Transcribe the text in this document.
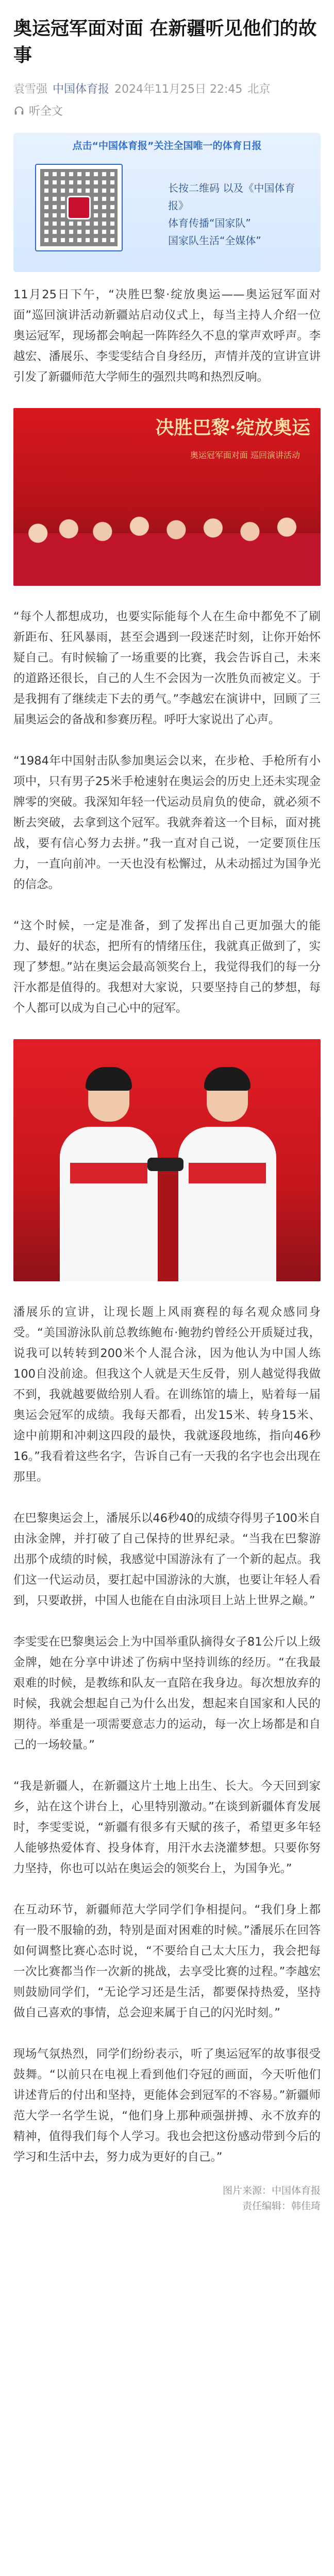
奥运冠军面对面 在新疆听见他们的故事
袁雪强 中国体育报 2024年11月25日 22:45 北京
听全文
点击“中国体育报”关注全国唯一的体育日报
长按二维码 以及《中国体育报》
体育传播“国家队”
国家队生活“全媒体”

11月25日下午，“决胜巴黎·绽放奥运——奥运冠军面对面”巡回演讲活动新疆站启动仪式上，每当主持人介绍一位奥运冠军，现场都会响起一阵阵经久不息的掌声欢呼声。李越宏、潘展乐、李雯雯结合自身经历，声情并茂的宣讲宣讲引发了新疆师范大学师生的强烈共鸣和热烈反响。

决胜巴黎·绽放奥运
奥运冠军面对面 巡回演讲活动

“每个人都想成功，也要实际能每个人在生命中都免不了刷新距布、狂风暴雨，甚至会遇到一段迷茫时刻，让你开始怀疑自己。有时候输了一场重要的比赛，我会告诉自己，未来的道路还很长，自己的人生不会因为一次胜负而被定义。于是我拥有了继续走下去的勇气。”李越宏在演讲中，回顾了三届奥运会的备战和参赛历程。呼吁大家说出了心声。

“1984年中国射击队参加奥运会以来，在步枪、手枪所有小项中，只有男子25米手枪速射在奥运会的历史上还未实现金牌零的突破。我深知年轻一代运动员肩负的使命，就必须不断去突破，去拿到这个冠军。我就奔着这一个目标，面对挑战，要有信心努力去拼。”我一直对自己说，一定要顶住压力，一直向前冲。一天也没有松懈过，从未动摇过为国争光的信念。

“这个时候，一定是准备，到了发挥出自己更加强大的能力、最好的状态，把所有的情绪压住，我就真正做到了，实现了梦想。”站在奥运会最高领奖台上，我觉得我们的每一分汗水都是值得的。我想对大家说，只要坚持自己的梦想，每个人都可以成为自己心中的冠军。

潘展乐的宣讲，让现长题上风雨赛程的每名观众感同身受。“美国游泳队前总教练鲍布·鲍勃约曾经公开质疑过我，说我可以转转到200米个人混合泳，因为他认为中国人练100自没前途。但我这个人就是天生反骨，别人越觉得我做不到，我就越要做给别人看。在训练馆的墙上，贴着每一届奥运会冠军的成绩。我每天都看，出发15米、转身15米、途中前期和冲刺这四段的最快，我就逐段地练，指向46秒16。”我看着这些名字，告诉自己有一天我的名字也会出现在那里。

在巴黎奥运会上，潘展乐以46秒40的成绩夺得男子100米自由泳金牌，并打破了自己保持的世界纪录。“当我在巴黎游出那个成绩的时候，我感觉中国游泳有了一个新的起点。我们这一代运动员，要扛起中国游泳的大旗，也要让年轻人看到，只要敢拼，中国人也能在自由泳项目上站上世界之巅。”

李雯雯在巴黎奥运会上为中国举重队摘得女子81公斤以上级金牌，她在分享中讲述了伤病中坚持训练的经历。“在我最艰难的时候，是教练和队友一直陪在我身边。每次想放弃的时候，我就会想起自己为什么出发，想起来自国家和人民的期待。举重是一项需要意志力的运动，每一次上场都是和自己的一场较量。”

“我是新疆人，在新疆这片土地上出生、长大。今天回到家乡，站在这个讲台上，心里特别激动。”在谈到新疆体育发展时，李雯雯说，“新疆有很多有天赋的孩子，希望更多年轻人能够热爱体育、投身体育，用汗水去浇灌梦想。只要你努力坚持，你也可以站在奥运会的领奖台上，为国争光。”

在互动环节，新疆师范大学同学们争相提问。“我们身上都有一股不服输的劲，特别是面对困难的时候。”潘展乐在回答如何调整比赛心态时说，“不要给自己太大压力，我会把每一次比赛都当作一次新的挑战，去享受比赛的过程。”李越宏则鼓励同学们，“无论学习还是生活，都要保持热爱，坚持做自己喜欢的事情，总会迎来属于自己的闪光时刻。”

现场气氛热烈，同学们纷纷表示，听了奥运冠军的故事很受鼓舞。“以前只在电视上看到他们夺冠的画面，今天听他们讲述背后的付出和坚持，更能体会到冠军的不容易。”新疆师范大学一名学生说，“他们身上那种顽强拼搏、永不放弃的精神，值得我们每个人学习。我也会把这份感动带到今后的学习和生活中去，努力成为更好的自己。”

图片来源：中国体育报
责任编辑：韩佳琦
